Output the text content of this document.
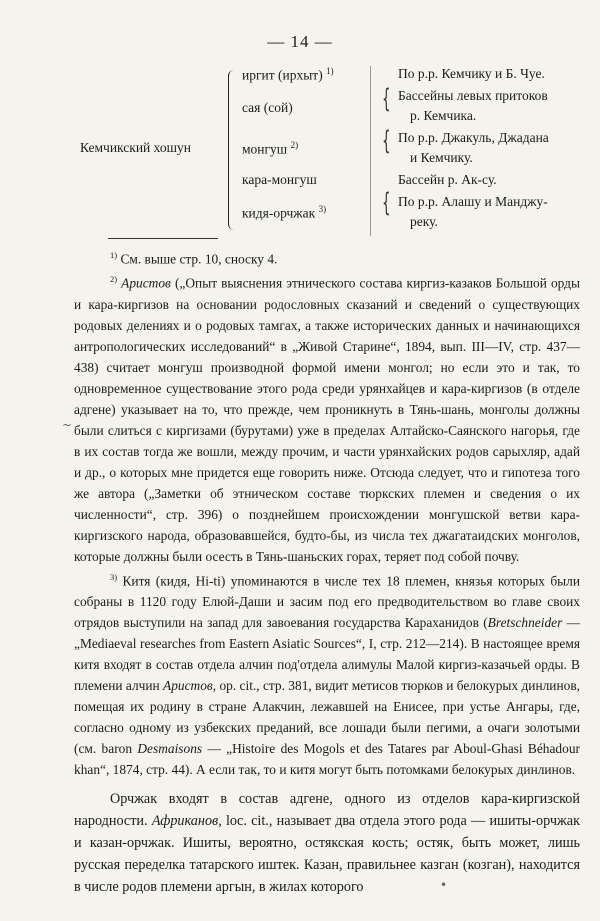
— 14 —
Кемчикский хошун
иргит (ирхыт) $^{1)}$
сая (сой)
монгуш $^{2)}$
кара-монгуш
кидя-орчжак $^{3)}$
{
{
{
По р.р. Кемчику и Б. Чуе.
Бассейны левых притоков
р. Кемчика.
По р.р. Джакуль, Джадана
и Кемчику.
Бассейн р. Ак-су.
По р.р. Алашу и Манджу-
реку.

$^{1)}$ См. выше стр. 10, сноску 4.

$^{2)}$ Аристов („Опыт выяснения этнического состава киргиз-казаков Большой орды и кара-киргизов на основании родословных сказаний и сведений о существующих родовых делениях и о родовых тамгах, а также исторических данных и начинающихся антропологических исследований“ в „Живой Старине“, 1894, вып. III—IV, стр. 437—438) считает монгуш производной формой имени монгол; но если это и так, то одновременное существование этого рода среди урянхайцев и кара-киргизов (в отделе адгене) указывает на то, что прежде, чем проникнуть в Тянь-шань, монголы должны были слиться с киргизами (бурутами) уже в пределах Алтайско-Саянского нагорья, где в их состав тогда же вошли, между прочим, и части урянхайских родов сарыхляр, адай и др., о которых мне придется еще говорить ниже. Отсюда следует, что и гипотеза того же автора („Заметки об этническом составе тюркских племен и сведения о их численности“, стр. 396) о позднейшем происхождении монгушской ветви кара-киргизского народа, образовавшейся, будто-бы, из числа тех джагатаидских монголов, которые должны были осесть в Тянь-шаньских горах, теряет под собой почву.

$^{3)}$ Китя (кидя, Hi-ti) упоминаются в числе тех 18 племен, князья которых были собраны в 1120 году Елюй-Даши и засим под его предводительством во главе своих отрядов выступили на запад для завоевания государства Караханидов (Bretschneider — „Mediaeval researches from Eastern Asiatic Sources“, I, стр. 212—214). В настоящее время китя входят в состав отдела алчин под'отдела алимулы Малой киргиз-казачьей орды. В племени алчин Аристов, op. cit., стр. 381, видит метисов тюрков и белокурых динлинов, помещая их родину в стране Алакчин, лежавшей на Енисее, при устье Ангары, где, согласно одному из узбекских преданий, все лошади были пегими, а очаги золотыми (см. baron Desmaisons — „Histoire des Mogols et des Tatares par Aboul-Ghasi Béhadour khan“, 1874, стр. 44). А если так, то и китя могут быть потомками белокурых динлинов.

Орчжак входят в состав адгене, одного из отделов кара-киргизской народности. Африканов, loc. cit., называет два отдела этого рода — ишиты-орчжак и казан-орчжак. Ишиты, вероятно, остякская кость; остяк, быть может, лишь русская переделка татарского иштек. Казан, правильнее казган (козган), находится в числе родов племени аргын, в жилах которого

~
•
